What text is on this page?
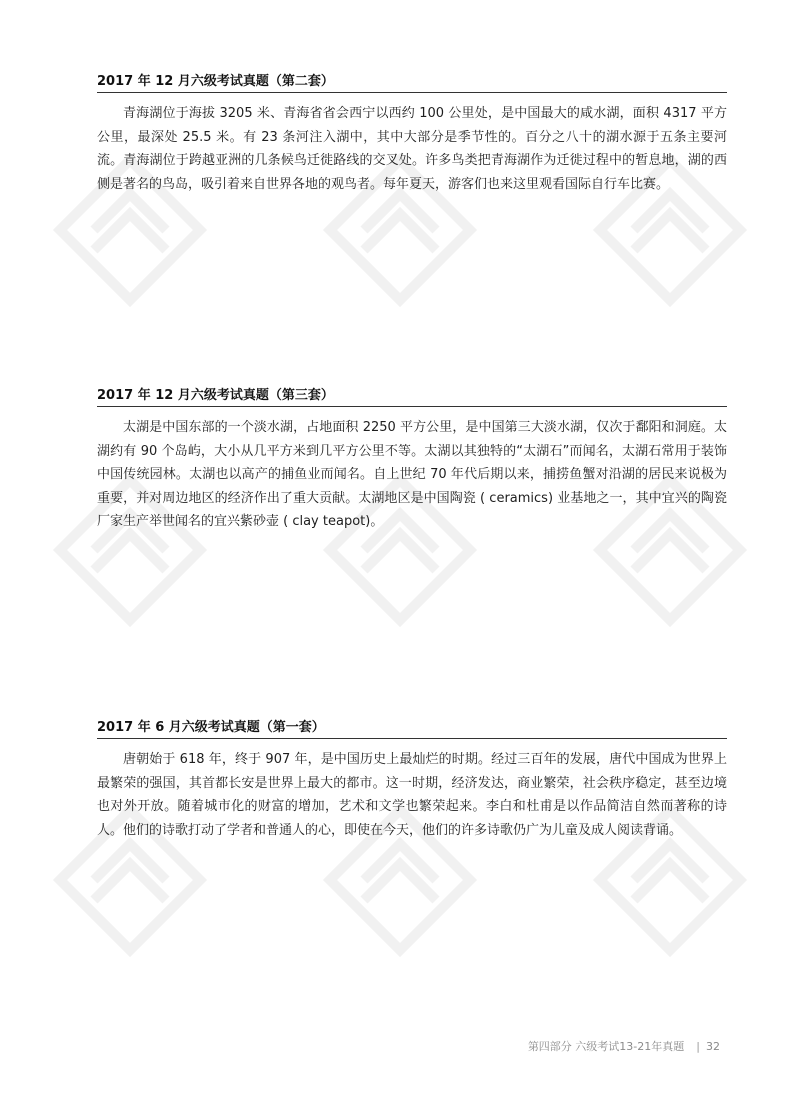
2017 年 12 月六级考试真题（第二套）

青海湖位于海拔 3205 米、青海省省会西宁以西约 100 公里处，是中国最大的咸水湖，面积 4317 平方公里，最深处 25.5 米。有 23 条河注入湖中，其中大部分是季节性的。百分之八十的湖水源于五条主要河流。青海湖位于跨越亚洲的几条候鸟迁徙路线的交叉处。许多鸟类把青海湖作为迁徙过程中的暂息地，湖的西侧是著名的鸟岛，吸引着来自世界各地的观鸟者。每年夏天，游客们也来这里观看国际自行车比赛。

2017 年 12 月六级考试真题（第三套）

太湖是中国东部的一个淡水湖，占地面积 2250 平方公里，是中国第三大淡水湖，仅次于鄱阳和洞庭。太湖约有 90 个岛屿，大小从几平方米到几平方公里不等。太湖以其独特的“太湖石”而闻名，太湖石常用于装饰中国传统园林。太湖也以高产的捕鱼业而闻名。自上世纪 70 年代后期以来，捕捞鱼蟹对沿湖的居民来说极为重要，并对周边地区的经济作出了重大贡献。太湖地区是中国陶瓷 ( ceramics) 业基地之一，其中宜兴的陶瓷厂家生产举世闻名的宜兴紫砂壶 ( clay teapot)。

2017 年 6 月六级考试真题（第一套）

唐朝始于 618 年，终于 907 年，是中国历史上最灿烂的时期。经过三百年的发展，唐代中国成为世界上最繁荣的强国，其首都长安是世界上最大的都市。这一时期，经济发达，商业繁荣，社会秩序稳定，甚至边境也对外开放。随着城市化的财富的增加，艺术和文学也繁荣起来。李白和杜甫是以作品简洁自然而著称的诗人。他们的诗歌打动了学者和普通人的心，即使在今天，他们的许多诗歌仍广为儿童及成人阅读背诵。

第四部分 六级考试13-21年真题 | 32
